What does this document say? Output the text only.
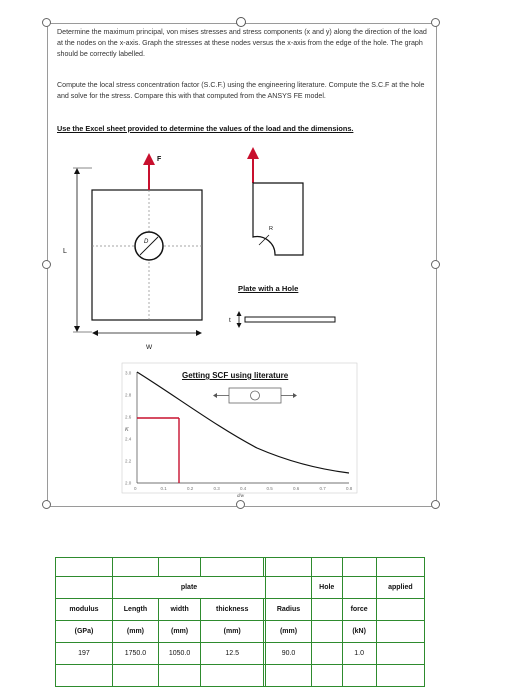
Determine the maximum principal, von mises stresses and stress components (x and y) along the direction of the load at the nodes on the x-axis. Graph the stresses at these nodes versus the x-axis from the edge of the hole. The graph should be correctly labelled.
Compute the local stress concentration factor (S.C.F.) using the engineering literature. Compute the S.C.F at the hole and solve for the stress. Compare this with that computed from the ANSYS FE model.
Use the Excel sheet provided to determine the values of the load and the dimensions.
F
L
W
D
R
t
K
d/w
3.0
2.8
2.6
2.4
2.2
2.0
0	0.1	0.2	0.3	0.4	0.5	0.6	0.7	0.8
Plate with a Hole
Getting SCF using literature

	plate					Hole		applied
modulus	Length	width	thickness		Radius		force	
(GPa)	(mm)	(mm)	(mm)		(mm)		(kN)	
197	1750.0	1050.0	12.5		90.0		1.0	
